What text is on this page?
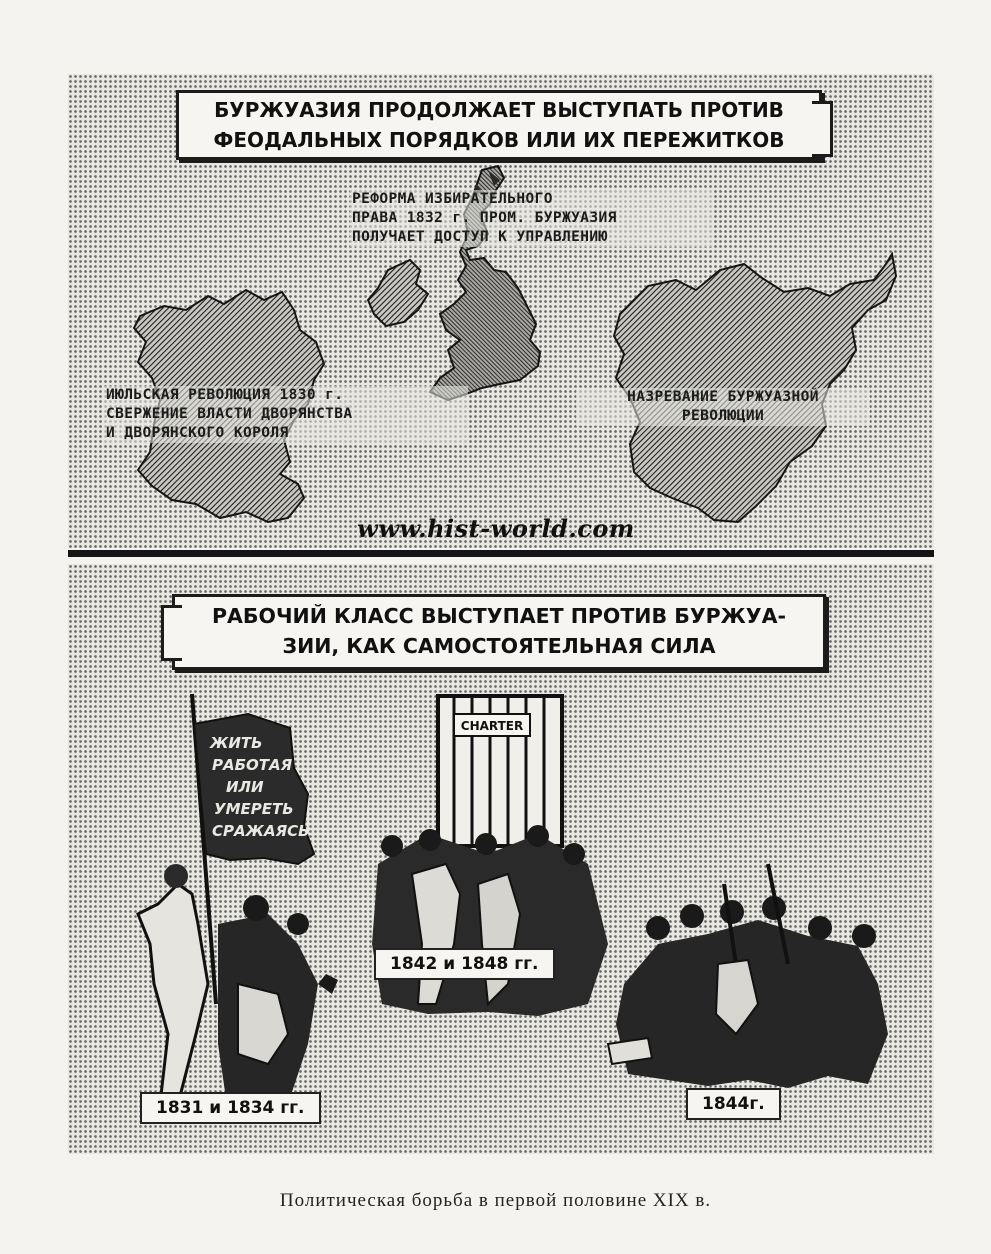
БУРЖУАЗИЯ ПРОДОЛЖАЕТ ВЫСТУПАТЬ ПРОТИВ
ФЕОДАЛЬНЫХ ПОРЯДКОВ ИЛИ ИХ ПЕРЕЖИТКОВ
РЕФОРМА ИЗБИРАТЕЛЬНОГО
ПРАВА 1832 г. ПРОМ. БУРЖУАЗИЯ
ПОЛУЧАЕТ ДОСТУП К УПРАВЛЕНИЮ
ИЮЛЬСКАЯ РЕВОЛЮЦИЯ 1830 г.
СВЕРЖЕНИЕ ВЛАСТИ ДВОРЯНСТВА
И ДВОРЯНСКОГО КОРОЛЯ
НАЗРЕВАНИЕ БУРЖУАЗНОЙ
РЕВОЛЮЦИИ
www.hist-world.com
ЖИТЬ
РАБОТАЯ
ИЛИ
УМЕРЕТЬ
СРАЖАЯСЬ
CHARTER
РАБОЧИЙ КЛАСС ВЫСТУПАЕТ ПРОТИВ БУРЖУА-
ЗИИ, КАК САМОСТОЯТЕЛЬНАЯ СИЛА
1831 и 1834 гг.
1842 и 1848 гг.
1844г.
Политическая борьба в первой половине XIX в.
